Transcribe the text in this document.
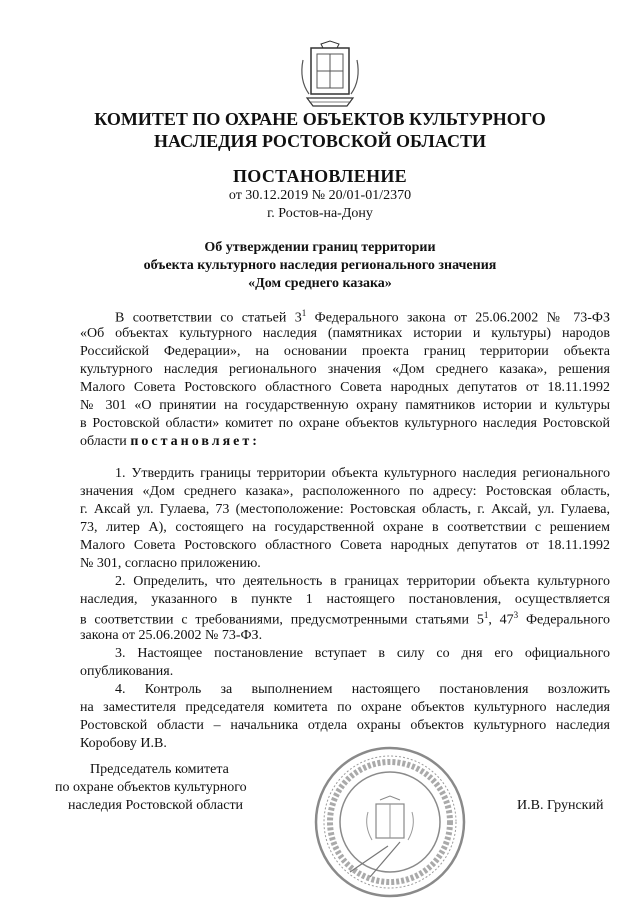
КОМИТЕТ ПО ОХРАНЕ ОБЪЕКТОВ КУЛЬТУРНОГО
НАСЛЕДИЯ РОСТОВСКОЙ ОБЛАСТИ
ПОСТАНОВЛЕНИЕ
от 30.12.2019 № 20/01-01/2370
г. Ростов-на-Дону
Об утверждении границ территории
объекта культурного наследия регионального значения
«Дом среднего казака»
В соответствии со статьей $3^1$ Федерального закона от 25.06.2002 № 73-ФЗ
«Об объектах культурного наследия (памятниках истории и культуры) народов
Российской Федерации», на основании проекта границ территории объекта
культурного наследия регионального значения «Дом среднего казака», решения
Малого Совета Ростовского областного Совета народных депутатов от 18.11.1992
№ 301 «О принятии на государственную охрану памятников истории и культуры
в Ростовской области» комитет по охране объектов культурного наследия Ростовской
области постановляет:
1. Утвердить границы территории объекта культурного наследия регионального
значения «Дом среднего казака», расположенного по адресу: Ростовская область,
г. Аксай ул. Гулаева, 73 (местоположение: Ростовская область, г. Аксай, ул. Гулаева,
73, литер А), состоящего на государственной охране в соответствии с решением
Малого Совета Ростовского областного Совета народных депутатов от 18.11.1992
№ 301, согласно приложению.
2. Определить, что деятельность в границах территории объекта культурного
наследия, указанного в пункте 1 настоящего постановления, осуществляется
в соответствии с требованиями, предусмотренными статьями $5^1$, $47^3$ Федерального
закона от 25.06.2002 № 73-ФЗ.
3. Настоящее постановление вступает в силу со дня его официального
опубликования.
4. Контроль за выполнением настоящего постановления возложить
на заместителя председателя комитета по охране объектов культурного наследия
Ростовской области – начальника отдела охраны объектов культурного наследия
Коробову И.В.
Председатель комитета
по охране объектов культурного
наследия Ростовской области	И.В. Грунский
